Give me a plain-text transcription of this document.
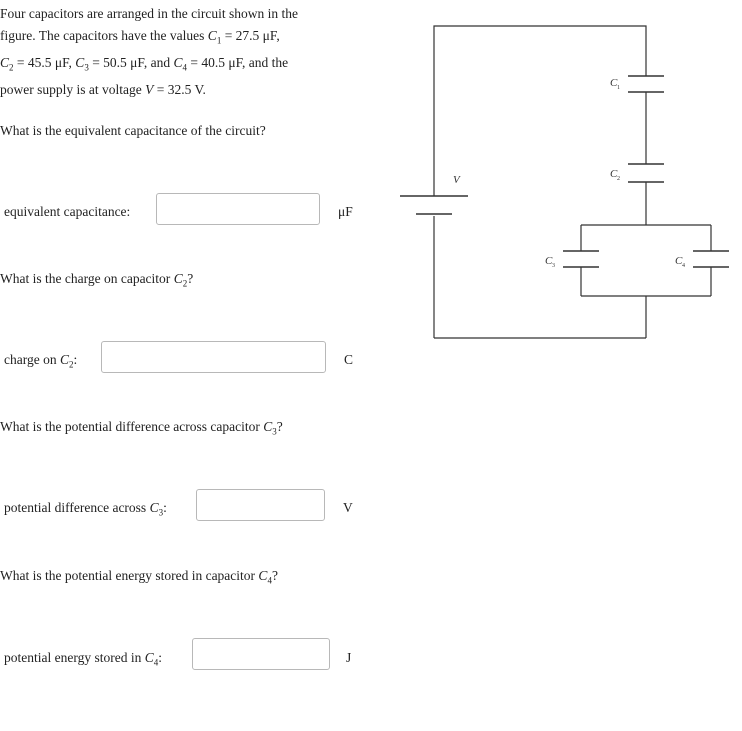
Four capacitors are arranged in the circuit shown in the
figure. The capacitors have the values $C_1 = 27.5$ μF,
$C_2 = 45.5$ μF, $C_3 = 50.5$ μF, and $C_4 = 40.5$ μF, and the
power supply is at voltage V = 32.5 V.

What is the equivalent capacitance of the circuit?

equivalent capacitance:	μF

What is the charge on capacitor $C_2$?

charge on $C_2$:	C

What is the potential difference across capacitor $C_3$?

potential difference across $C_3$:	V

What is the potential energy stored in capacitor $C_4$?

potential energy stored in $C_4$:	J
V
C 1
C 2
C 3	C 4
